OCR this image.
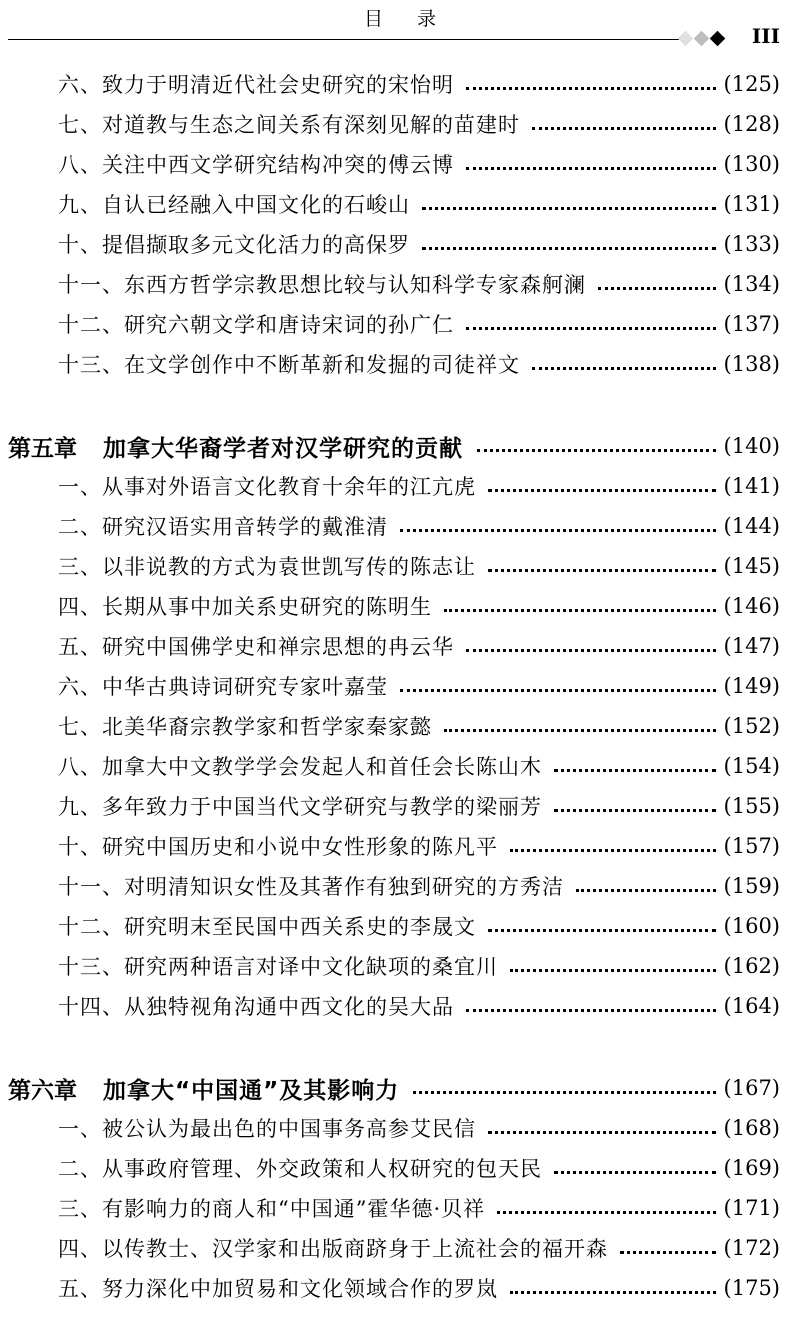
目 录
III
六、致力于明清近代社会史研究的宋怡明	(125)
七、对道教与生态之间关系有深刻见解的苗建时	(128)
八、关注中西文学研究结构冲突的傅云博	(130)
九、自认已经融入中国文化的石峻山	(131)
十、提倡撷取多元文化活力的高保罗	(133)
十一、东西方哲学宗教思想比较与认知科学专家森舸澜	(134)
十二、研究六朝文学和唐诗宋词的孙广仁	(137)
十三、在文学创作中不断革新和发掘的司徒祥文	(138)
第五章 加拿大华裔学者对汉学研究的贡献	(140)
一、从事对外语言文化教育十余年的江亢虎	(141)
二、研究汉语实用音转学的戴淮清	(144)
三、以非说教的方式为袁世凯写传的陈志让	(145)
四、长期从事中加关系史研究的陈明生	(146)
五、研究中国佛学史和禅宗思想的冉云华	(147)
六、中华古典诗词研究专家叶嘉莹	(149)
七、北美华裔宗教学家和哲学家秦家懿	(152)
八、加拿大中文教学学会发起人和首任会长陈山木	(154)
九、多年致力于中国当代文学研究与教学的梁丽芳	(155)
十、研究中国历史和小说中女性形象的陈凡平	(157)
十一、对明清知识女性及其著作有独到研究的方秀洁	(159)
十二、研究明末至民国中西关系史的李晟文	(160)
十三、研究两种语言对译中文化缺项的桑宜川	(162)
十四、从独特视角沟通中西文化的吴大品	(164)
第六章 加拿大“中国通”及其影响力	(167)
一、被公认为最出色的中国事务高参艾民信	(168)
二、从事政府管理、外交政策和人权研究的包天民	(169)
三、有影响力的商人和“中国通”霍华德·贝祥	(171)
四、以传教士、汉学家和出版商跻身于上流社会的福开森	(172)
五、努力深化中加贸易和文化领域合作的罗岚	(175)
